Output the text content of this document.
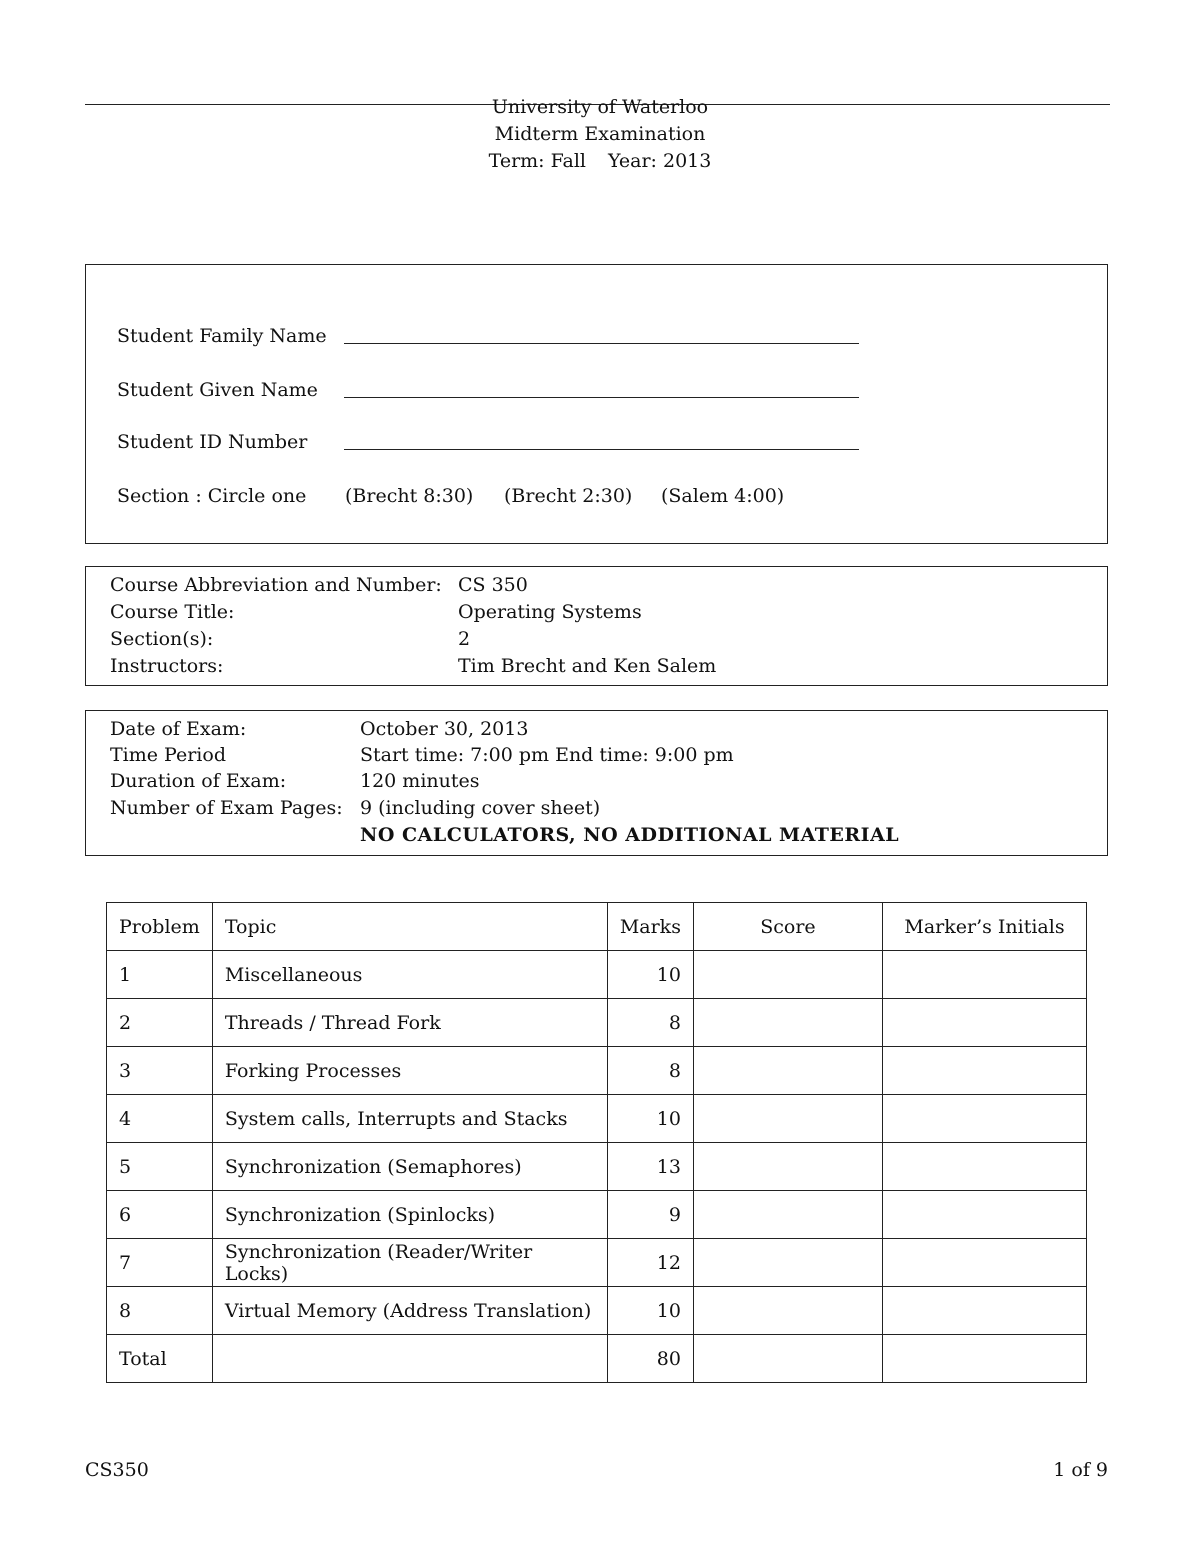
University of Waterloo
Midterm Examination
Term: Fall Year: 2013
Student Family Name
Student Given Name
Student ID Number
Section : Circle one (Brecht 8:30) (Brecht 2:30) (Salem 4:00)
Course Abbreviation and Number: CS 350
Course Title:	Operating Systems
Section(s):	2
Instructors:	Tim Brecht and Ken Salem
Date of Exam:	October 30, 2013
Time Period	Start time: 7:00 pm End time: 9:00 pm
Duration of Exam:	120 minutes
Number of Exam Pages: 9 (including cover sheet)
NO CALCULATORS, NO ADDITIONAL MATERIAL
Problem	Topic	Marks	Score	Marker’s Initials
1	Miscellaneous	10		
2	Threads / Thread Fork	8		
3	Forking Processes	8		
4	System calls, Interrupts and Stacks	10		
5	Synchronization (Semaphores)	13		
6	Synchronization (Spinlocks)	9		
7	Synchronization (Reader/Writer Locks)	12		
8	Virtual Memory (Address Translation)	10		
Total		80		
CS350	1 of 9
